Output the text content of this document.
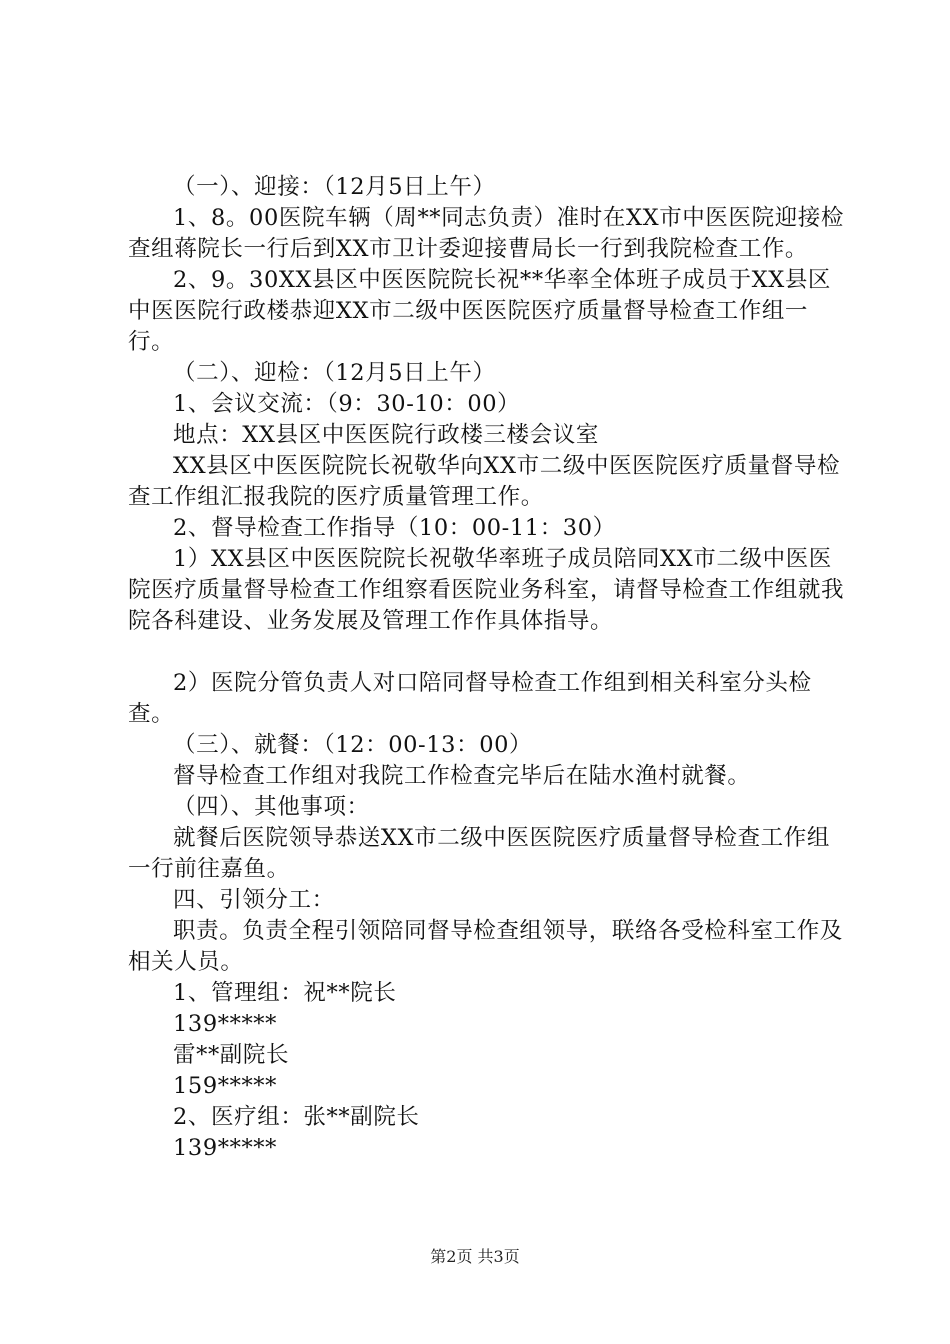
（一）、迎接：（12月5日上午）

1、8。00医院车辆（周**同志负责）准时在XX市中医医院迎接检查组蒋院长一行后到XX市卫计委迎接曹局长一行到我院检查工作。

2、9。30XX县区中医医院院长祝**华率全体班子成员于XX县区中医医院行政楼恭迎XX市二级中医医院医疗质量督导检查工作组一行。

（二）、迎检：（12月5日上午）

1、会议交流：（9：30-10：00）

地点：XX县区中医医院行政楼三楼会议室

XX县区中医医院院长祝敬华向XX市二级中医医院医疗质量督导检查工作组汇报我院的医疗质量管理工作。

2、督导检查工作指导（10：00-11：30）

1）XX县区中医医院院长祝敬华率班子成员陪同XX市二级中医医院医疗质量督导检查工作组察看医院业务科室，请督导检查工作组就我院各科建设、业务发展及管理工作作具体指导。

2）医院分管负责人对口陪同督导检查工作组到相关科室分头检查。

（三）、就餐：（12：00-13：00）

督导检查工作组对我院工作检查完毕后在陆水渔村就餐。

（四）、其他事项：

就餐后医院领导恭送XX市二级中医医院医疗质量督导检查工作组一行前往嘉鱼。

四、引领分工：

职责。负责全程引领陪同督导检查组领导，联络各受检科室工作及相关人员。

1、管理组：祝**院长

139*****

雷**副院长

159*****

2、医疗组：张**副院长

139*****

第2页 共3页
